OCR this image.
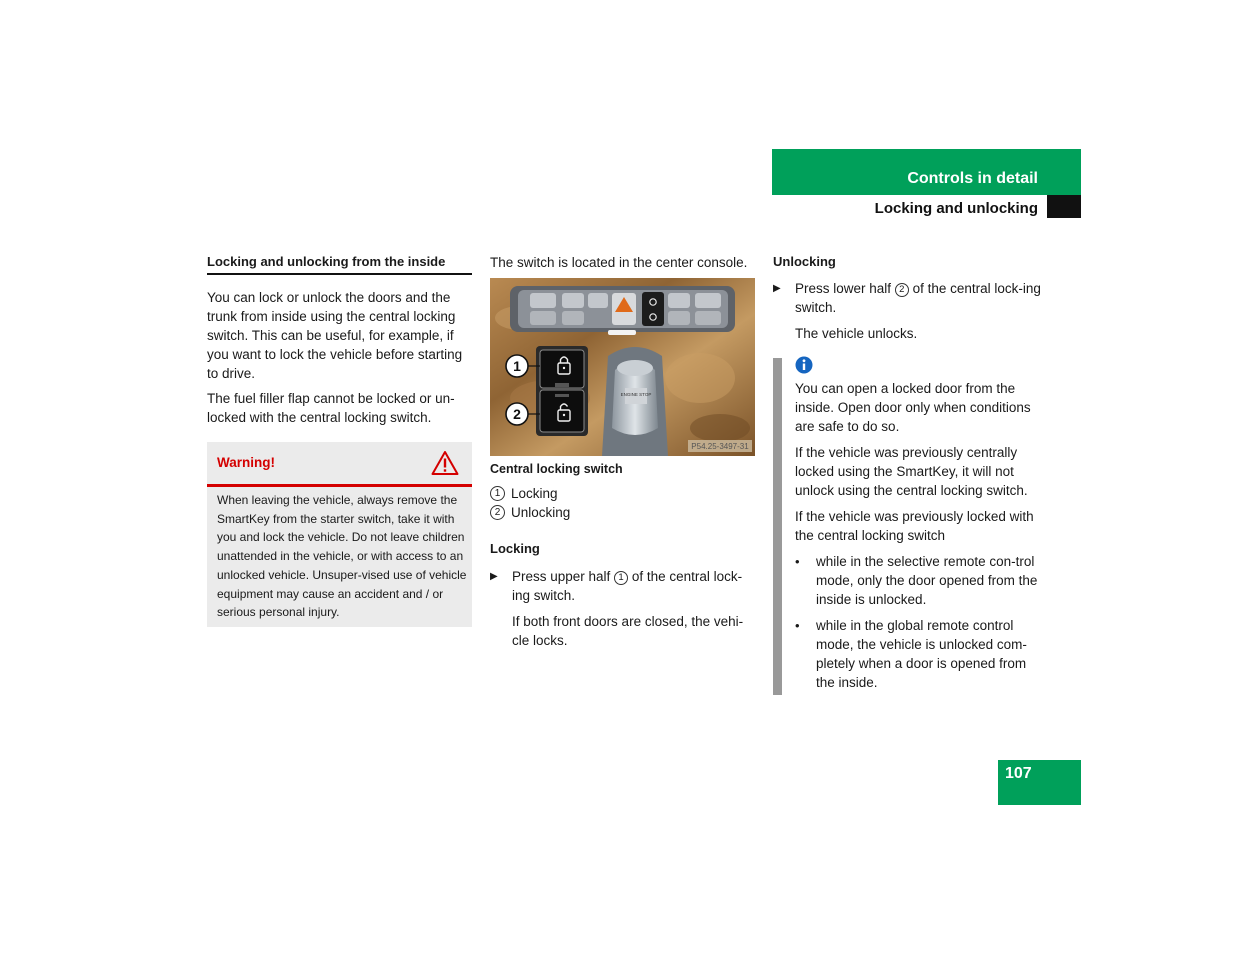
Controls in detail
Locking and unlocking
Locking and unlocking from the inside

You can lock or unlock the doors and the trunk from inside using the central locking switch. This can be useful, for example, if you want to lock the vehicle before starting to drive.

The fuel filler flap cannot be locked or un-locked with the central locking switch.

Warning!

When leaving the vehicle, always remove the SmartKey from the starter switch, take it with you and lock the vehicle. Do not leave children unattended in the vehicle, or with access to an unlocked vehicle. Unsuper-vised use of vehicle equipment may cause an accident and / or serious personal injury.

The switch is located in the center console.

ENGINE STOP
1
2
P54.25-3497-31
Central locking switch
1 Locking
2 Unlocking
Locking
▶	Press upper half 1 of the central lock-ing switch.

If both front doors are closed, the vehi-cle locks.

Unlocking
▶	Press lower half 2 of the central lock-ing switch.

The vehicle unlocks.

You can open a locked door from the inside. Open door only when conditions are safe to do so.

If the vehicle was previously centrally locked using the SmartKey, it will not unlock using the central locking switch.

If the vehicle was previously locked with the central locking switch

•	while in the selective remote con-trol mode, only the door opened from the inside is unlocked.
•	while in the global remote control mode, the vehicle is unlocked com-pletely when a door is opened from the inside.
107
